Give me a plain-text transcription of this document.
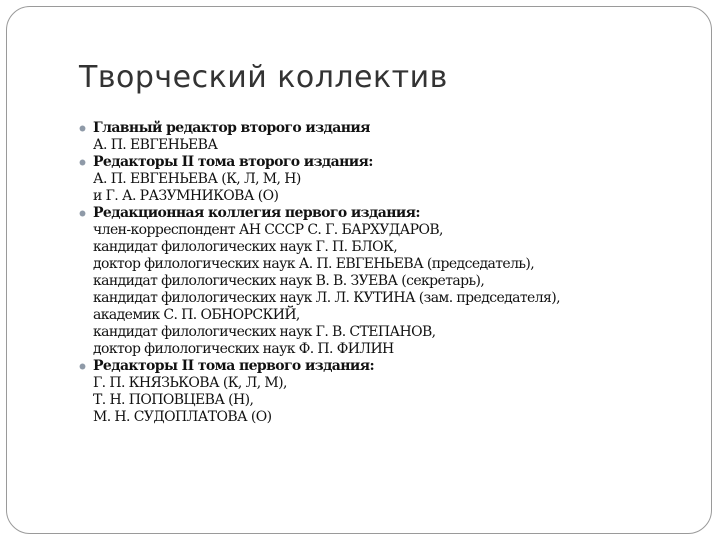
Творческий коллектив
Главный редактор второго издания
А. П. ЕВГЕНЬЕВА
Редакторы II тома второго издания:
А. П. ЕВГЕНЬЕВА (К, Л, М, Н)
и Г. А. РАЗУМНИКОВА (О)
Редакционная коллегия первого издания:
член-корреспондент АН СССР С. Г. БАРХУДАРОВ,
кандидат филологических наук Г. П. БЛОК,
доктор филологических наук А. П. ЕВГЕНЬЕВА (председатель),
кандидат филологических наук В. В. ЗУЕВА (секретарь),
кандидат филологических наук Л. Л. КУТИНА (зам. председателя),
академик С. П. ОБНОРСКИЙ,
кандидат филологических наук Г. В. СТЕПАНОВ,
доктор филологических наук Ф. П. ФИЛИН
Редакторы II тома первого издания:
Г. П. КНЯЗЬКОВА (К, Л, М),
Т. Н. ПОПОВЦЕВА (Н),
М. Н. СУДОПЛАТОВА (О)
